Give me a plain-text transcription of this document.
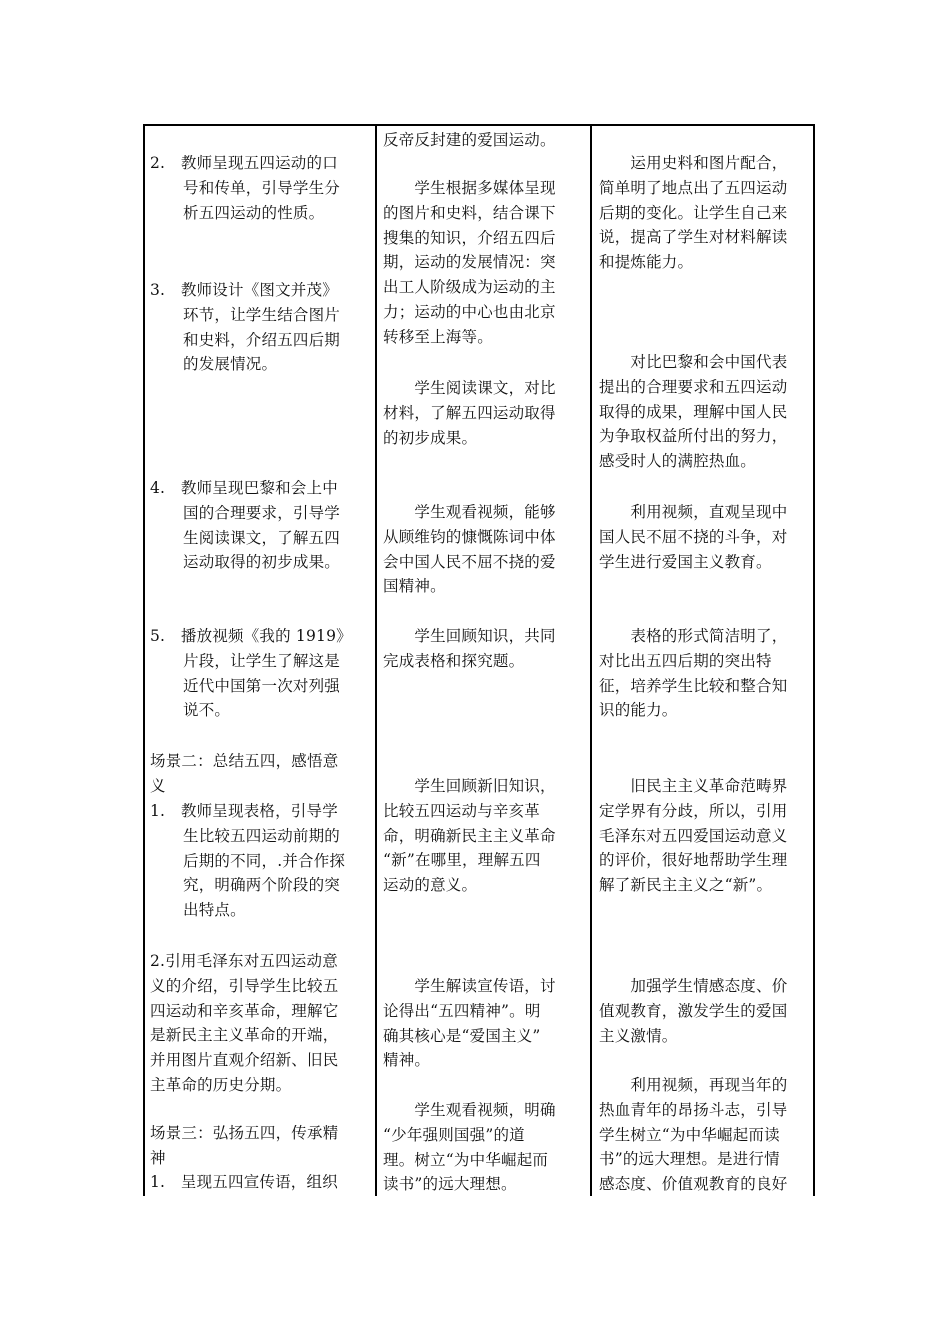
2.　教师呈现五四运动的口
号和传单，引导学生分
析五四运动的性质。
3.　教师设计《图文并茂》
环节，让学生结合图片
和史料，介绍五四后期
的发展情况。
4.　教师呈现巴黎和会上中
国的合理要求，引导学
生阅读课文，了解五四
运动取得的初步成果。
5.　播放视频《我的 1919》
片段，让学生了解这是
近代中国第一次对列强
说不。
场景二：总结五四，感悟意
义
1.　教师呈现表格，引导学
生比较五四运动前期的
后期的不同，.并合作探
究，明确两个阶段的突
出特点。
2.引用毛泽东对五四运动意
义的介绍，引导学生比较五
四运动和辛亥革命，理解它
是新民主主义革命的开端，
并用图片直观介绍新、旧民
主革命的历史分期。
场景三：弘扬五四，传承精
神
1.　呈现五四宣传语，组织
反帝反封建的爱国运动。
　　学生根据多媒体呈现
的图片和史料，结合课下
搜集的知识，介绍五四后
期，运动的发展情况：突
出工人阶级成为运动的主
力；运动的中心也由北京
转移至上海等。
　　学生阅读课文，对比
材料，了解五四运动取得
的初步成果。
　　学生观看视频，能够
从顾维钧的慷慨陈词中体
会中国人民不屈不挠的爱
国精神。
　　学生回顾知识，共同
完成表格和探究题。
　　学生回顾新旧知识，
比较五四运动与辛亥革
命，明确新民主主义革命
“新”在哪里，理解五四
运动的意义。
　　学生解读宣传语，讨
论得出“五四精神”。明
确其核心是“爱国主义”
精神。
　　学生观看视频，明确
“少年强则国强”的道
理。树立“为中华崛起而
读书”的远大理想。
　　运用史料和图片配合，
简单明了地点出了五四运动
后期的变化。让学生自己来
说，提高了学生对材料解读
和提炼能力。
　　对比巴黎和会中国代表
提出的合理要求和五四运动
取得的成果，理解中国人民
为争取权益所付出的努力，
感受时人的满腔热血。
　　利用视频，直观呈现中
国人民不屈不挠的斗争，对
学生进行爱国主义教育。
　　表格的形式简洁明了，
对比出五四后期的突出特
征，培养学生比较和整合知
识的能力。
　　旧民主主义革命范畴界
定学界有分歧，所以，引用
毛泽东对五四爱国运动意义
的评价，很好地帮助学生理
解了新民主主义之“新”。
　　加强学生情感态度、价
值观教育，激发学生的爱国
主义激情。
　　利用视频，再现当年的
热血青年的昂扬斗志，引导
学生树立“为中华崛起而读
书”的远大理想。是进行情
感态度、价值观教育的良好
